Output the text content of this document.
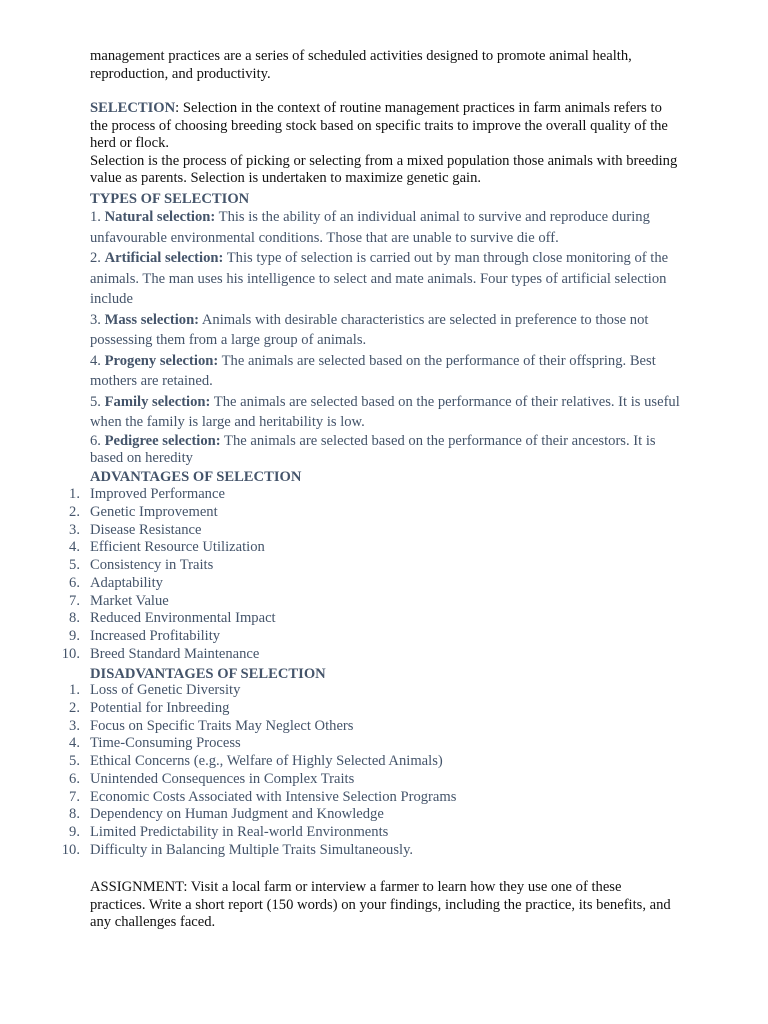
management practices are a series of scheduled activities designed to promote animal health, reproduction, and productivity.

SELECTION: Selection in the context of routine management practices in farm animals refers to the process of choosing breeding stock based on specific traits to improve the overall quality of the herd or flock.

Selection is the process of picking or selecting from a mixed population those animals with breeding value as parents. Selection is undertaken to maximize genetic gain.

TYPES OF SELECTION

1. Natural selection: This is the ability of an individual animal to survive and reproduce during unfavourable environmental conditions. Those that are unable to survive die off.

2. Artificial selection: This type of selection is carried out by man through close monitoring of the animals. The man uses his intelligence to select and mate animals. Four types of artificial selection include

3. Mass selection: Animals with desirable characteristics are selected in preference to those not possessing them from a large group of animals.

4. Progeny selection: The animals are selected based on the performance of their offspring. Best mothers are retained.

5. Family selection: The animals are selected based on the performance of their relatives. It is useful when the family is large and heritability is low.

6. Pedigree selection: The animals are selected based on the performance of their ancestors. It is based on heredity

ADVANTAGES OF SELECTION
1. Improved Performance
2. Genetic Improvement
3. Disease Resistance
4. Efficient Resource Utilization
5. Consistency in Traits
6. Adaptability
7. Market Value
8. Reduced Environmental Impact
9. Increased Profitability
10. Breed Standard Maintenance
DISADVANTAGES OF SELECTION
1. Loss of Genetic Diversity
2. Potential for Inbreeding
3. Focus on Specific Traits May Neglect Others
4. Time-Consuming Process
5. Ethical Concerns (e.g., Welfare of Highly Selected Animals)
6. Unintended Consequences in Complex Traits
7. Economic Costs Associated with Intensive Selection Programs
8. Dependency on Human Judgment and Knowledge
9. Limited Predictability in Real-world Environments
10. Difficulty in Balancing Multiple Traits Simultaneously.

ASSIGNMENT: Visit a local farm or interview a farmer to learn how they use one of these practices. Write a short report (150 words) on your findings, including the practice, its benefits, and any challenges faced.
